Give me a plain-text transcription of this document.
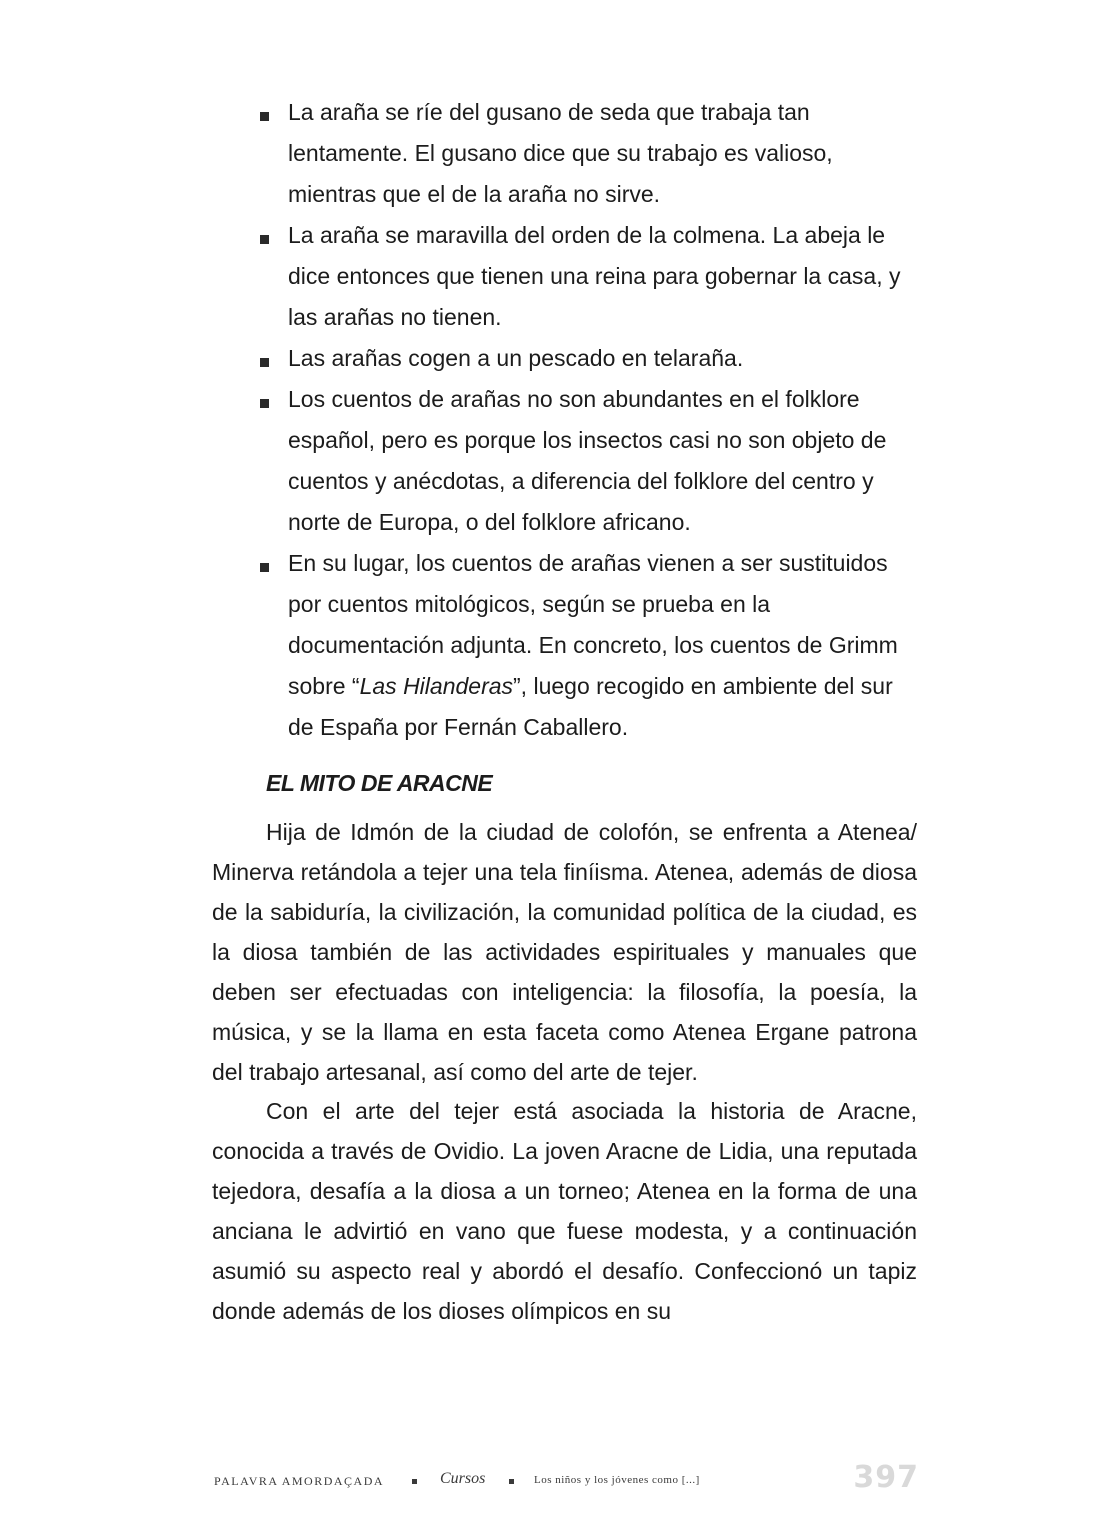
La araña se ríe del gusano de seda que trabaja tan lentamente. El gusano dice que su trabajo es valioso, mientras que el de la araña no sirve.
La araña se maravilla del orden de la colmena. La abeja le dice entonces que tienen una reina para gobernar la casa, y las arañas no tienen.
Las arañas cogen a un pescado en telaraña.
Los cuentos de arañas no son abundantes en el folklore español, pero es porque los insectos casi no son objeto de cuentos y anécdotas, a diferencia del folklore del centro y norte de Europa, o del folklore africano.
En su lugar, los cuentos de arañas vienen a ser sustituidos por cuentos mitológicos, según se prueba en la documentación adjunta. En concreto, los cuentos de Grimm sobre “Las Hilanderas”, luego recogido en ambiente del sur de España por Fernán Caballero.
EL MITO DE ARACNE

Hija de Idmón de la ciudad de colofón, se enfrenta a Atenea/ Minerva retándola a tejer una tela finíisma. Atenea, además de diosa de la sabiduría, la civilización, la comunidad política de la ciudad, es la diosa también de las actividades espirituales y manuales que deben ser efectuadas con inteligencia: la filosofía, la poesía, la música, y se la llama en esta faceta como Atenea Ergane patrona del trabajo artesanal, así como del arte de tejer.

Con el arte del tejer está asociada la historia de Aracne, conocida a través de Ovidio. La joven Aracne de Lidia, una reputada tejedora, desafía a la diosa a un torneo; Atenea en la forma de una anciana le advirtió en vano que fuese modesta, y a continuación asumió su aspecto real y abordó el desafío. Confeccionó un tapiz donde además de los dioses olímpicos en su

PALAVRA AMORDAÇADA	Cursos	Los niños y los jóvenes como [...]	397
